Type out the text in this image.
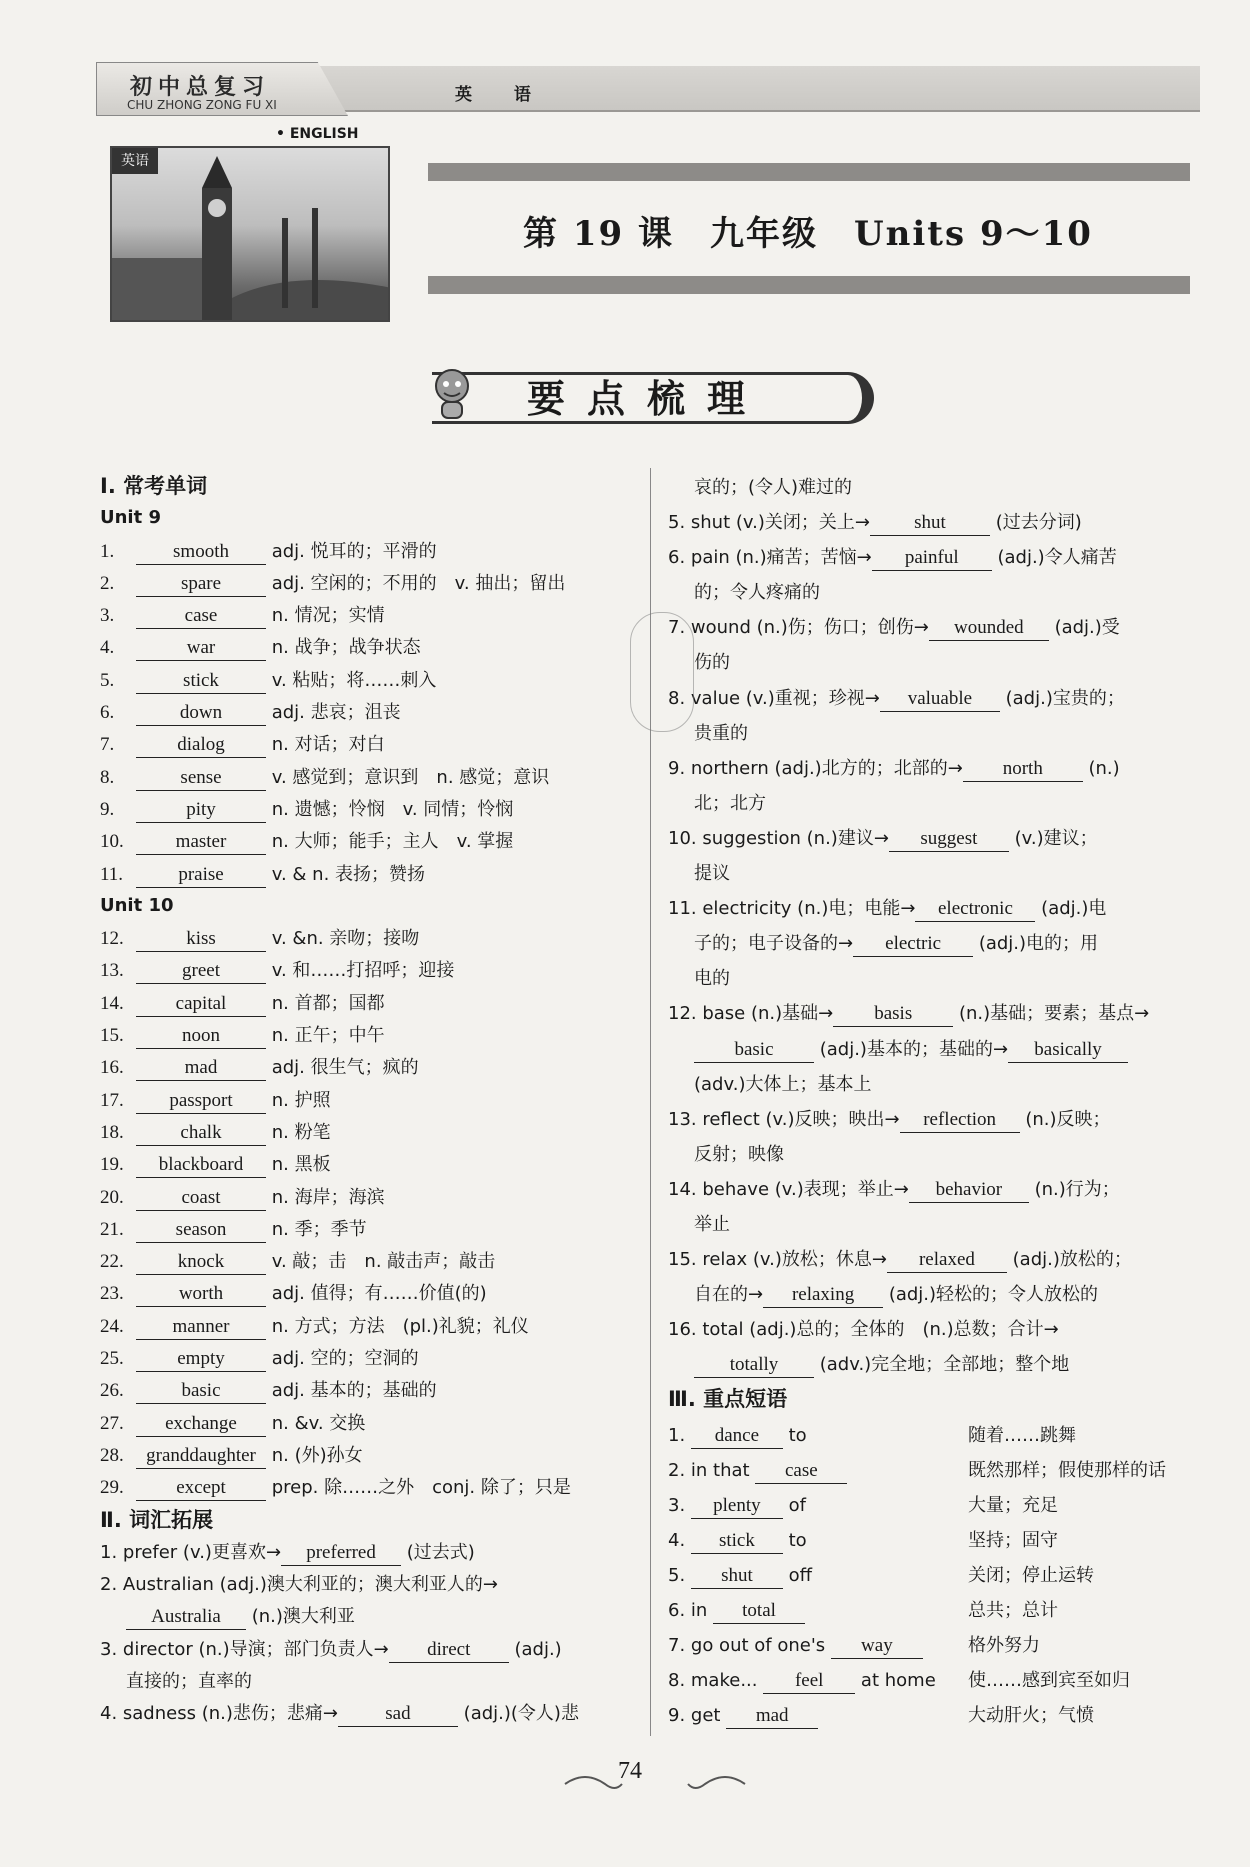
初中总复习
CHU ZHONG ZONG FU XI	英 语
• ENGLISH
英语
第 19 课　九年级　Units 9～10
要点梳理
Ⅰ. 常考单词
Unit 9
1.	smooth adj. 悦耳的；平滑的
2.	spare adj. 空闲的；不用的　v. 抽出；留出
3.	case	n. 情况；实情
4.	war	n. 战争；战争状态
5.	stick	v. 粘贴；将……刺入
6.	down adj. 悲哀；沮丧
7.	dialog n. 对话；对白
8.	sense v. 感觉到；意识到　n. 感觉；意识
9.	pity	n. 遗憾；怜悯　v. 同情；怜悯
10.	master n. 大师；能手；主人　v. 掌握
11.	praise v. & n. 表扬；赞扬
Unit 10
12.	kiss	v. &n. 亲吻；接吻
13.	greet	v. 和……打招呼；迎接
14.	capital n. 首都；国都
15.	noon	n. 正午；中午
16.	mad	adj. 很生气；疯的
17. passport n. 护照
18.	chalk n. 粉笔
19. blackboard n. 黑板
20.	coast	n. 海岸；海滨
21.	season n. 季；季节
22.	knock v. 敲；击　n. 敲击声；敲击
23.	worth adj. 值得；有……价值(的)
24.	manner n. 方式；方法　(pl.)礼貌；礼仪
25.	empty adj. 空的；空洞的
26.	basic	adj. 基本的；基础的
27. exchange n. &v. 交换
28. granddaughter n. (外)孙女
29.	except prep. 除……之外　conj. 除了；只是
Ⅱ. 词汇拓展
1. prefer (v.)更喜欢→ preferred (过去式)
2. Australian (adj.)澳大利亚的；澳大利亚人的→
Australia (n.)澳大利亚
3. director (n.)导演；部门负责人→ direct (adj.)
直接的；直率的
4. sadness (n.)悲伤；悲痛→ sad	(adj.)(令人)悲
哀的；(令人)难过的
5. shut (v.)关闭；关上→ shut (过去分词)
6. pain (n.)痛苦；苦恼→ painful (adj.)令人痛苦
的；令人疼痛的
7. wound (n.)伤；伤口；创伤→ wounded (adj.)受
伤的
8. value (v.)重视；珍视→ valuable (adj.)宝贵的；
贵重的
9. northern (adj.)北方的；北部的→ north (n.)
北；北方
10. suggestion (n.)建议→ suggest (v.)建议；
提议
11. electricity (n.)电；电能→ electronic (adj.)电
子的；电子设备的→ electric (adj.)电的；用
电的
12. base (n.)基础→ basis (n.)基础；要素；基点→
basic (adj.)基本的；基础的→ basically
(adv.)大体上；基本上
13. reflect (v.)反映；映出→ reflection (n.)反映；
反射；映像
14. behave (v.)表现；举止→ behavior (n.)行为；
举止
15. relax (v.)放松；休息→ relaxed (adj.)放松的；
自在的→ relaxing (adj.)轻松的；令人放松的
16. total (adj.)总的；全体的　(n.)总数；合计→
totally (adv.)完全地；全部地；整个地
Ⅲ. 重点短语
1. dance to	随着……跳舞
2. in that case	既然那样；假使那样的话
3. plenty of	大量；充足
4. stick to	坚持；固守
5. shut off	关闭；停止运转
6. in total	总共；总计
7. go out of one's way	格外努力
8. make... feel at home 使……感到宾至如归
9. get mad	大动肝火；气愤
74
